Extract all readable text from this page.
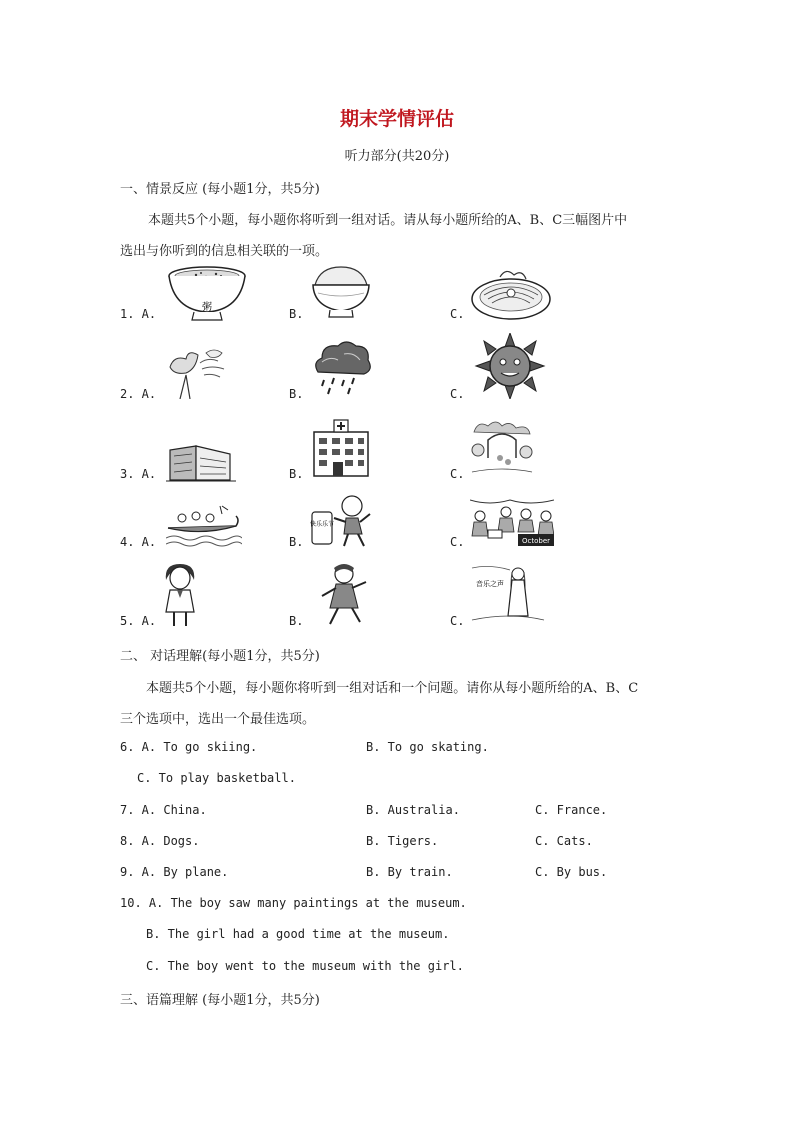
期末学情评估
听力部分(共20分)
一、情景反应 (每小题1分，共5分)
本题共5个小题，每小题你将听到一组对话。请从每小题所给的A、B、C三幅图片中
选出与你听到的信息相关联的一项。
1. A.	B.	C.
2. A.	B.	C.
3. A.	B.	C.
4. A.	B.	C.
5. A.	B.	C.
粥
快乐乐节
October
音乐之声
二、 对话理解(每小题1分，共5分)
本题共5个小题，每小题你将听到一组对话和一个问题。请你从每小题所给的A、B、C
三个选项中，选出一个最佳选项。
6. A. To go skiing.	B. To go skating.
C. To play basketball.
7. A. China.	B. Australia.	C. France.
8. A. Dogs.	B. Tigers.	C. Cats.
9. A. By plane.	B. By train.	C. By bus.
10. A. The boy saw many paintings at the museum.
B. The girl had a good time at the museum.
C. The boy went to the museum with the girl.
三、语篇理解 (每小题1分，共5分)
